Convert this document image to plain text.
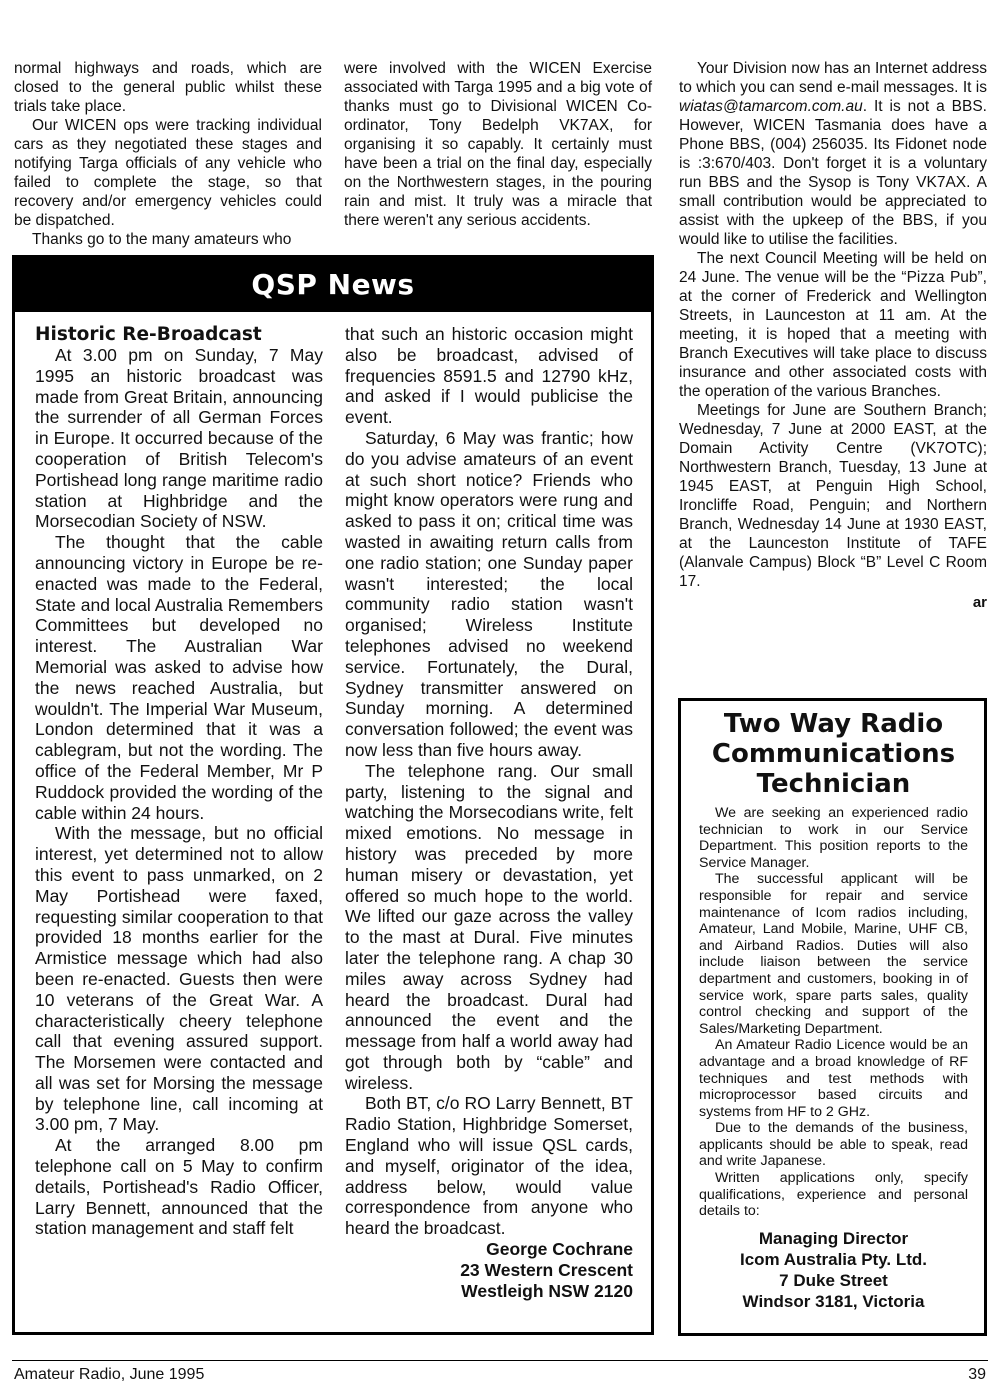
normal highways and roads, which are closed to the general public whilst these trials take place.

Our WICEN ops were tracking individual cars as they negotiated these stages and notifying Targa officials of any vehicle who failed to complete the stage, so that recovery and/or emergency vehicles could be dispatched.

Thanks go to the many amateurs who

were involved with the WICEN Exercise associated with Targa 1995 and a big vote of thanks must go to Divisional WICEN Co-ordinator, Tony Bedelph VK7AX, for organising it so capably. It certainly must have been a trial on the final day, especially on the Northwestern stages, in the pouring rain and mist. It truly was a miracle that there weren't any serious accidents.

Your Division now has an Internet address to which you can send e-mail messages. It is wiatas@tamarcom.com.au. It is not a BBS. However, WICEN Tasmania does have a Phone BBS, (004) 256035. Its Fidonet node is :3:670/403. Don't forget it is a voluntary run BBS and the Sysop is Tony VK7AX. A small contribution would be appreciated to assist with the upkeep of the BBS, if you would like to utilise the facilities.

The next Council Meeting will be held on 24 June. The venue will be the “Pizza Pub”, at the corner of Frederick and Wellington Streets, in Launceston at 11 am. At the meeting, it is hoped that a meeting with Branch Executives will take place to discuss insurance and other associated costs with the operation of the various Branches.

Meetings for June are Southern Branch; Wednesday, 7 June at 2000 EAST, at the Domain Activity Centre (VK7OTC); Northwestern Branch, Tuesday, 13 June at 1945 EAST, at Penguin High School, Ironcliffe Road, Penguin; and Northern Branch, Wednesday 14 June at 1930 EAST, at the Launceston Institute of TAFE (Alanvale Campus) Block “B” Level C Room 17.

ar
QSP News

Historic Re-Broadcast

At 3.00 pm on Sunday, 7 May 1995 an historic broadcast was made from Great Britain, announcing the surrender of all German Forces in Europe. It occurred because of the cooperation of British Telecom's Portishead long range maritime radio station at Highbridge and the Morsecodian Society of NSW.

The thought that the cable announcing victory in Europe be re-enacted was made to the Federal, State and local Australia Remembers Committees but developed no interest. The Australian War Memorial was asked to advise how the news reached Australia, but wouldn't. The Imperial War Museum, London determined that it was a cablegram, but not the wording. The office of the Federal Member, Mr P Ruddock provided the wording of the cable within 24 hours.

With the message, but no official interest, yet determined not to allow this event to pass unmarked, on 2 May Portishead were faxed, requesting similar cooperation to that provided 18 months earlier for the Armistice message which had also been re-enacted. Guests then were 10 veterans of the Great War. A characteristically cheery telephone call that evening assured support. The Morsemen were contacted and all was set for Morsing the message by telephone line, call incoming at 3.00 pm, 7 May.

At the arranged 8.00 pm telephone call on 5 May to confirm details, Portishead's Radio Officer, Larry Bennett, announced that the station management and staff felt

that such an historic occasion might also be broadcast, advised of frequencies 8591.5 and 12790 kHz, and asked if I would publicise the event.

Saturday, 6 May was frantic; how do you advise amateurs of an event at such short notice? Friends who might know operators were rung and asked to pass it on; critical time was wasted in awaiting return calls from one radio station; one Sunday paper wasn't interested; the local community radio station wasn't organised; Wireless Institute telephones advised no weekend service. Fortunately, the Dural, Sydney transmitter answered on Sunday morning. A determined conversation followed; the event was now less than five hours away.

The telephone rang. Our small party, listening to the signal and watching the Morsecodians write, felt mixed emotions. No message in history was preceded by more human misery or devastation, yet offered so much hope to the world. We lifted our gaze across the valley to the mast at Dural. Five minutes later the telephone rang. A chap 30 miles away across Sydney had heard the broadcast. Dural had announced the event and the message from half a world away had got through both by “cable” and wireless.

Both BT, c/o RO Larry Bennett, BT Radio Station, Highbridge Somerset, England who will issue QSL cards, and myself, originator of the idea, address below, would value correspondence from anyone who heard the broadcast.

George Cochrane
23 Western Crescent
Westleigh NSW 2120
Two Way Radio
Communications
Technician

We are seeking an experienced radio technician to work in our Service Department. This position reports to the Service Manager.

The successful applicant will be responsible for repair and service maintenance of Icom radios including, Amateur, Land Mobile, Marine, UHF CB, and Airband Radios. Duties will also include liaison between the service department and customers, booking in of service work, spare parts sales, quality control checking and support of the Sales/Marketing Department.

An Amateur Radio Licence would be an advantage and a broad knowledge of RF techniques and test methods with microprocessor based circuits and systems from HF to 2 GHz.

Due to the demands of the business, applicants should be able to speak, read and write Japanese.

Written applications only, specify qualifications, experience and personal details to:

Managing Director
Icom Australia Pty. Ltd.
7 Duke Street
Windsor 3181, Victoria
Amateur Radio, June 1995	39
